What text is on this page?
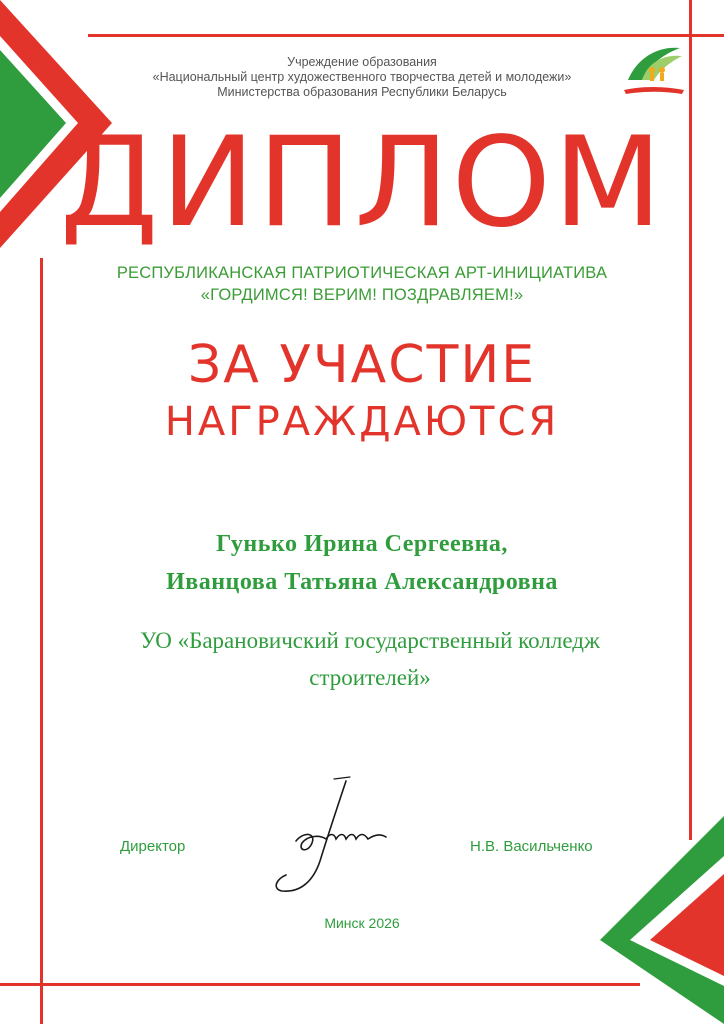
Учреждение образования
«Национальный центр художественного творчества детей и молодежи»
Министерства образования Республики Беларусь
ДИПЛОМ
РЕСПУБЛИКАНСКАЯ ПАТРИОТИЧЕСКАЯ АРТ-ИНИЦИАТИВА
«ГОРДИМСЯ! ВЕРИМ! ПОЗДРАВЛЯЕМ!»
ЗА УЧАСТИЕ
НАГРАЖДАЮТСЯ
Гунько Ирина Сергеевна,
Иванцова Татьяна Александровна
УО «Барановичский государственный колледж строителей»
Директор	Н.В. Васильченко
Минск 2026
